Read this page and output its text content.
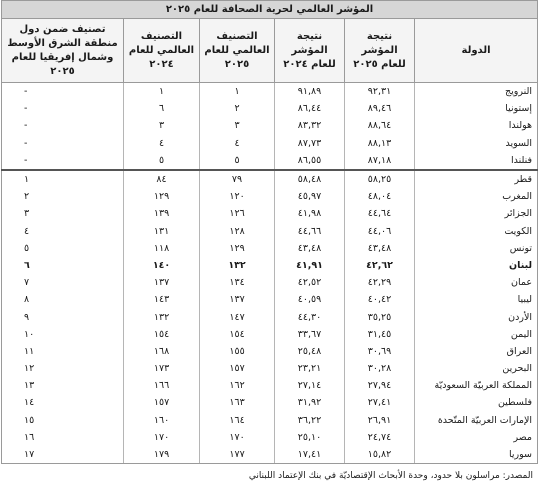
المؤشر العالمي لحرية الصحافة للعام ٢٠٢٥					
الدولة	نتيجة المؤشر للعام ٢٠٢٥	نتيجة المؤشر للعام ٢٠٢٤	التصنيف العالمي للعام ٢٠٢٥	التصنيف العالمي للعام ٢٠٢٤	تصنيف ضمن دول منطقة الشرق الأوسط وشمال إفريقيا للعام ٢٠٢٥
النرويج	٩٢,٣١	٩١,٨٩	١	١	-
إستونيا	٨٩,٤٦	٨٦,٤٤	٢	٦	-
هولندا	٨٨,٦٤	٨٣,٣٢	٣	٣	-
السويد	٨٨,١٣	٨٧,٧٣	٤	٤	-
فنلندا	٨٧,١٨	٨٦,٥٥	٥	٥	-
قطر	٥٨,٢٥	٥٨,٤٨	٧٩	٨٤	١
المغرب	٤٨,٠٤	٤٥,٩٧	١٢٠	١٢٩	٢
الجزائر	٤٤,٦٤	٤١,٩٨	١٢٦	١٣٩	٣
الكويت	٤٤,٠٦	٤٤,٦٦	١٢٨	١٣١	٤
تونس	٤٣,٤٨	٤٣,٤٨	١٢٩	١١٨	٥
لبنان	٤٢,٦٢	٤١,٩١	١٣٢	١٤٠	٦
عمان	٤٢,٢٩	٤٢,٥٢	١٣٤	١٣٧	٧
ليبيا	٤٠,٤٢	٤٠,٥٩	١٣٧	١٤٣	٨
الأردن	٣٥,٢٥	٤٤,٣٠	١٤٧	١٣٢	٩
اليمن	٣١,٤٥	٣٣,٦٧	١٥٤	١٥٤	١٠
العراق	٣٠,٦٩	٢٥,٤٨	١٥٥	١٦٨	١١
البحرين	٣٠,٢٨	٢٣,٢١	١٥٧	١٧٣	١٢
المملكة العربيّة السعوديّة	٢٧,٩٤	٢٧,١٤	١٦٢	١٦٦	١٣
فلسطين	٢٧,٤١	٣١,٩٢	١٦٣	١٥٧	١٤
الإمارات العربيّة المتّحدة	٢٦,٩١	٣٦,٢٢	١٦٤	١٦٠	١٥
مصر	٢٤,٧٤	٢٥,١٠	١٧٠	١٧٠	١٦
سوريا	١٥,٨٢	١٧,٤١	١٧٧	١٧٩	١٧
المصدر: مراسلون بلا حدود، وحدة الأبحاث الإقتصاديّة في بنك الإعتماد اللبناني
